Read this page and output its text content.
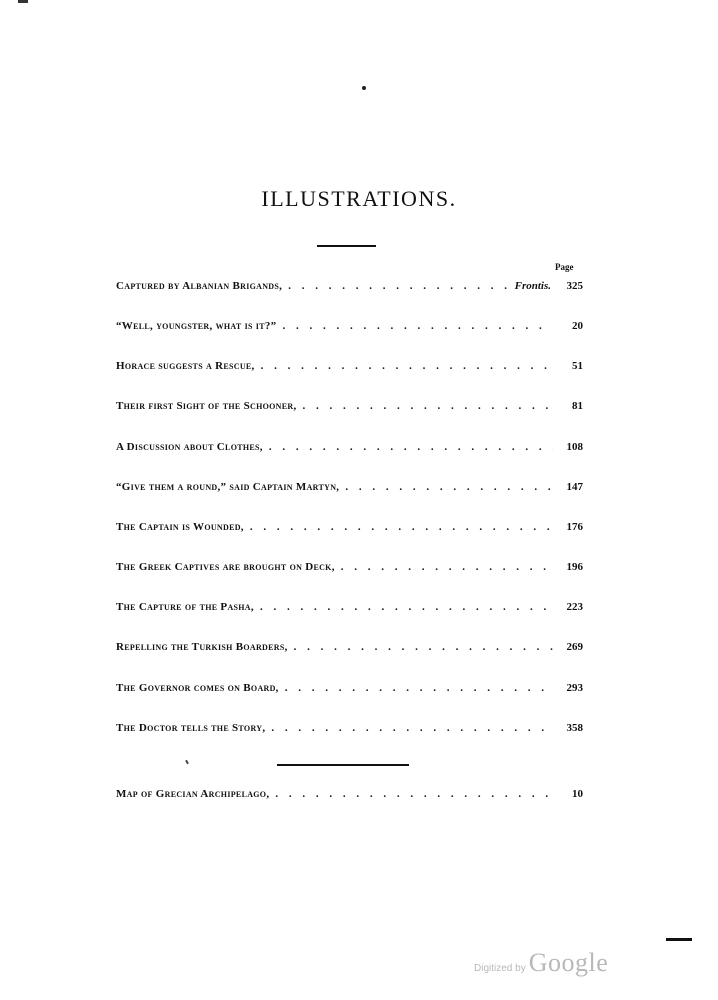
ILLUSTRATIONS.
Page
Captured by Albanian Brigands, . . .	Frontis.	325
“Well, youngster, what is it?” . . .	20
Horace suggests a Rescue, . . .	51
Their first Sight of the Schooner, . . .	81
A Discussion about Clothes, . . .	108
“Give them a round,” said Captain Martyn, . . .	147
The Captain is Wounded, . . .	176
The Greek Captives are brought on Deck, . . .	196
The Capture of the Pasha, . . .	223
Repelling the Turkish Boarders, . . .	269
The Governor comes on Board, . . .	293
The Doctor tells the Story, . . .	358
Map of Grecian Archipelago, . . .	10
Digitized by Google
